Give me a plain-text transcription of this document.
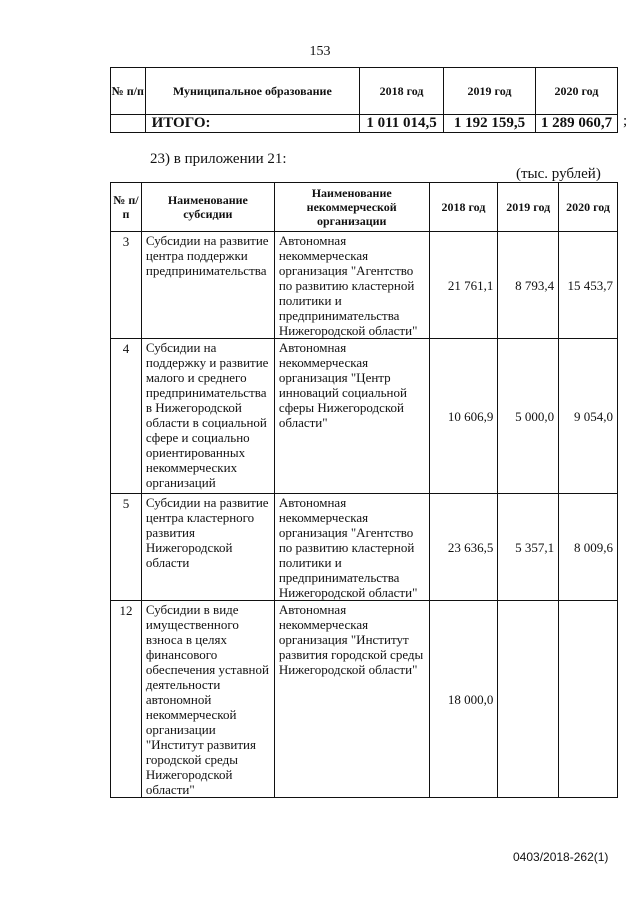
153
№ п/п	Муниципальное образование	2018 год	2019 год	2020 год
	ИТОГО:	1 011 014,5	1 192 159,5	1 289 060,7 ;
23) в приложении 21:
(тыс. рублей)
№ п/п	Наименование субсидии	Наименование некоммерческой организации	2018 год	2019 год	2020 год
3	Субсидии на развитие центра поддержки предпринимательства	Автономная некоммерческая организация "Агентство по развитию кластерной политики и предпринимательства Нижегородской области"	21 761,1	8 793,4	15 453,7
4	Субсидии на поддержку и развитие малого и среднего предпринимательства в Нижегородской области в социальной сфере и социально ориентированных некоммерческих организаций	Автономная некоммерческая организация "Центр инноваций социальной сферы Нижегородской области"	10 606,9	5 000,0	9 054,0
5	Субсидии на развитие центра кластерного развития Нижегородской области	Автономная некоммерческая организация "Агентство по развитию кластерной политики и предпринимательства Нижегородской области"	23 636,5	5 357,1	8 009,6
12	Субсидии в виде имущественного взноса в целях финансового обеспечения уставной деятельности автономной некоммерческой организации "Институт развития городской среды Нижегородской области"	Автономная некоммерческая организация "Институт развития городской среды Нижегородской области"	18 000,0		
0403/2018-262(1)
